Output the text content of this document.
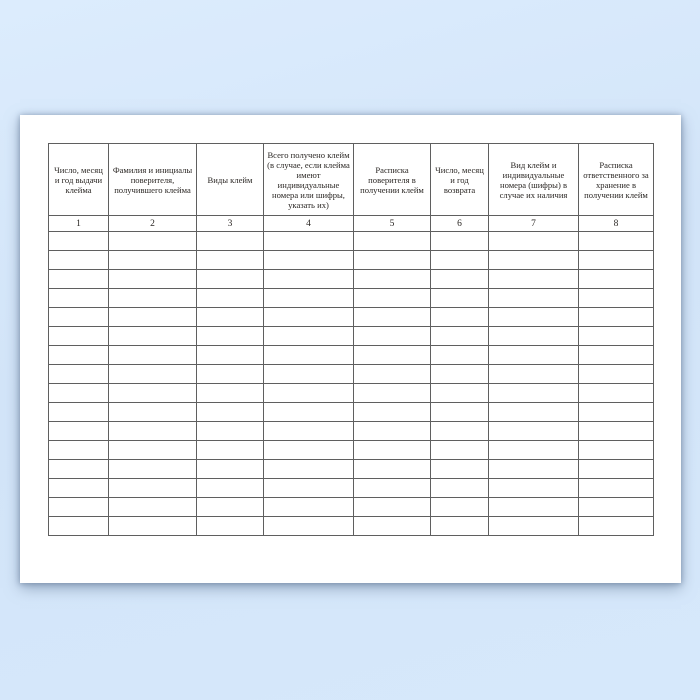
Число, месяц и год выдачи клейма	Фамилия и инициалы поверителя, получившего клейма	Виды клейм	Всего получено клейм (в случае, если клейма имеют индивидуальные номера или шифры, указать их)	Расписка поверителя в получении клейм	Число, месяц и год возврата	Вид клейм и индивидуальные номера (шифры) в случае их наличия	Расписка ответственного за хранение в получении клейм
1	2	3	4	5	6	7	8
